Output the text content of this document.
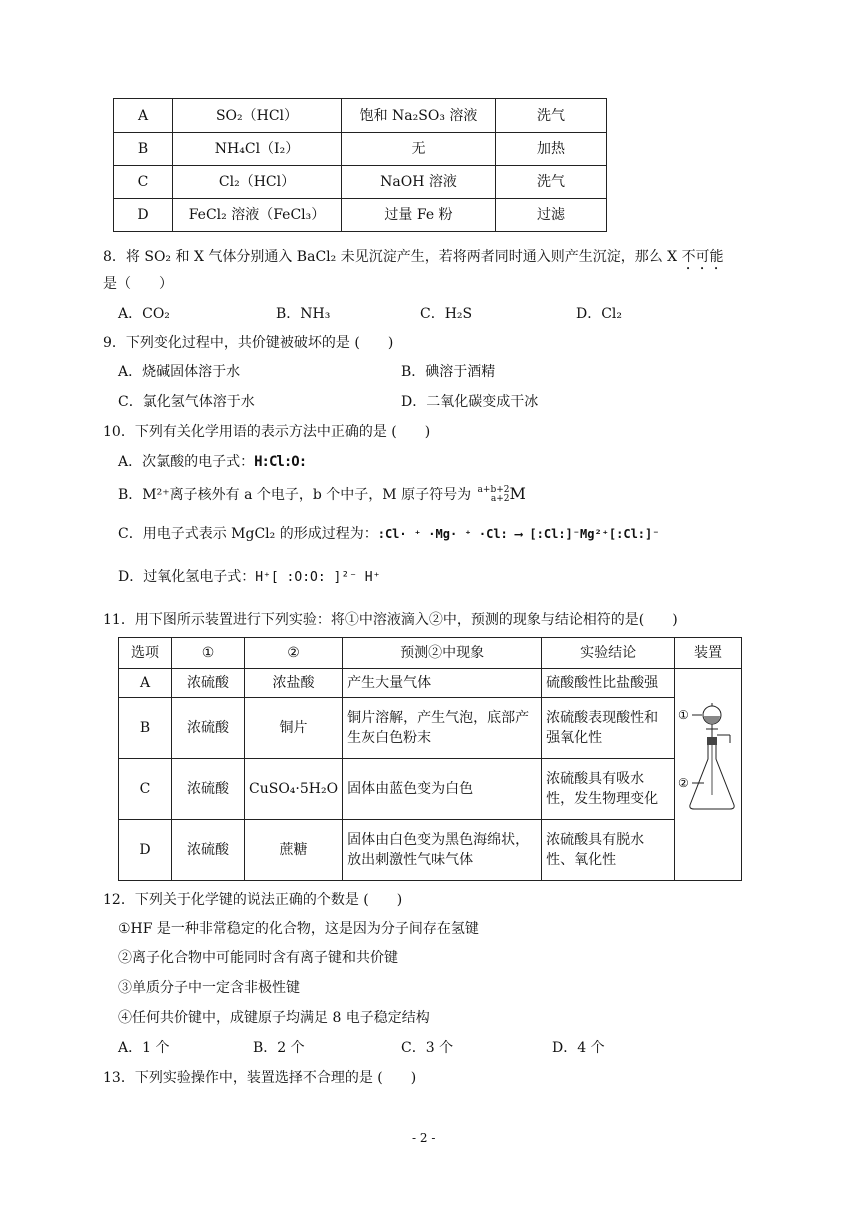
A	SO₂（HCl）	饱和 Na₂SO₃ 溶液	洗气
B	NH₄Cl（I₂）	无	加热
C	Cl₂（HCl）	NaOH 溶液	洗气
D	FeCl₂ 溶液（FeCl₃）	过量 Fe 粉	过滤
8．将 SO₂ 和 X 气体分别通入 BaCl₂ 未见沉淀产生，若将两者同时通入则产生沉淀，那么 X 不可能
是（　　）
A．CO₂	B．NH₃	C．H₂S	D．Cl₂
9．下列变化过程中，共价键被破坏的是 (　　)
A．烧碱固体溶于水	B．碘溶于酒精
C．氯化氢气体溶于水	D．二氧化碳变成干冰
10．下列有关化学用语的表示方法中正确的是 (　　)
A．次氯酸的电子式：H:Cl:O:
B．M²⁺离子核外有 a 个电子，b 个中子，M 原子符号为 a+b+2
a+2 M
C．用电子式表示 MgCl₂ 的形成过程为：:Cl· ⁺ ·Mg· ⁺ ·Cl: ⟶ [:Cl:]⁻Mg²⁺[:Cl:]⁻
D．过氧化氢电子式：H⁺[ :O:O: ]²⁻ H⁺
11．用下图所示装置进行下列实验：将①中溶液滴入②中，预测的现象与结论相符的是(　　)
选项	①	②	预测②中现象	实验结论	装置
A	浓硫酸	浓盐酸	产生大量气体	硫酸酸性比盐酸强	①
②

B	浓硫酸	铜片	铜片溶解，产生气泡，底部产生灰白色粉末	浓硫酸表现酸性和强氧化性	
C	浓硫酸	CuSO₄·5H₂O	固体由蓝色变为白色	浓硫酸具有吸水性，发生物理变化	
D	浓硫酸	蔗糖	固体由白色变为黑色海绵状，放出刺激性气味气体	浓硫酸具有脱水性、氧化性	
12．下列关于化学键的说法正确的个数是 (　　)
①HF 是一种非常稳定的化合物，这是因为分子间存在氢键
②离子化合物中可能同时含有离子键和共价键
③单质分子中一定含非极性键
④任何共价键中，成键原子均满足 8 电子稳定结构
A．1 个	B．2 个	C．3 个	D．4 个
13．下列实验操作中，装置选择不合理的是 (　　)
- 2 -
